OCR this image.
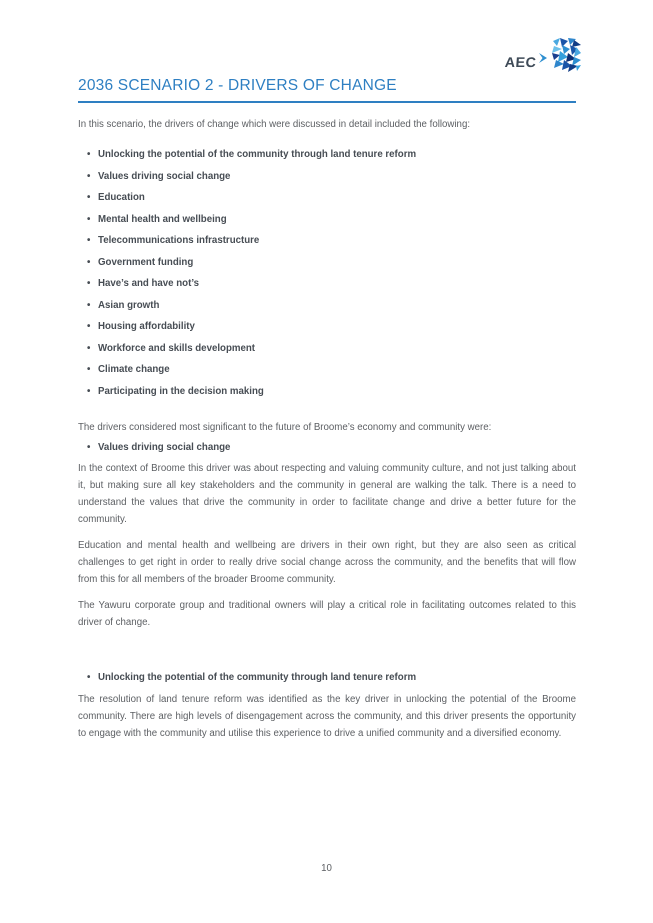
AEC
2036 SCENARIO 2 - DRIVERS OF CHANGE

In this scenario, the drivers of change which were discussed in detail included the following:

• Unlocking the potential of the community through land tenure reform
• Values driving social change
• Education
• Mental health and wellbeing
• Telecommunications infrastructure
• Government funding
• Have’s and have not’s
• Asian growth
• Housing affordability
• Workforce and skills development
• Climate change
• Participating in the decision making

The drivers considered most significant to the future of Broome’s economy and community were:

• Values driving social change

In the context of Broome this driver was about respecting and valuing community culture, and not just talking about it, but making sure all key stakeholders and the community in general are walking the talk. There is a need to understand the values that drive the community in order to facilitate change and drive a better future for the community.

Education and mental health and wellbeing are drivers in their own right, but they are also seen as critical challenges to get right in order to really drive social change across the community, and the benefits that will flow from this for all members of the broader Broome community.

The Yawuru corporate group and traditional owners will play a critical role in facilitating outcomes related to this driver of change.

• Unlocking the potential of the community through land tenure reform

The resolution of land tenure reform was identified as the key driver in unlocking the potential of the Broome community. There are high levels of disengagement across the community, and this driver presents the opportunity to engage with the community and utilise this experience to drive a unified community and a diversified economy.

10
